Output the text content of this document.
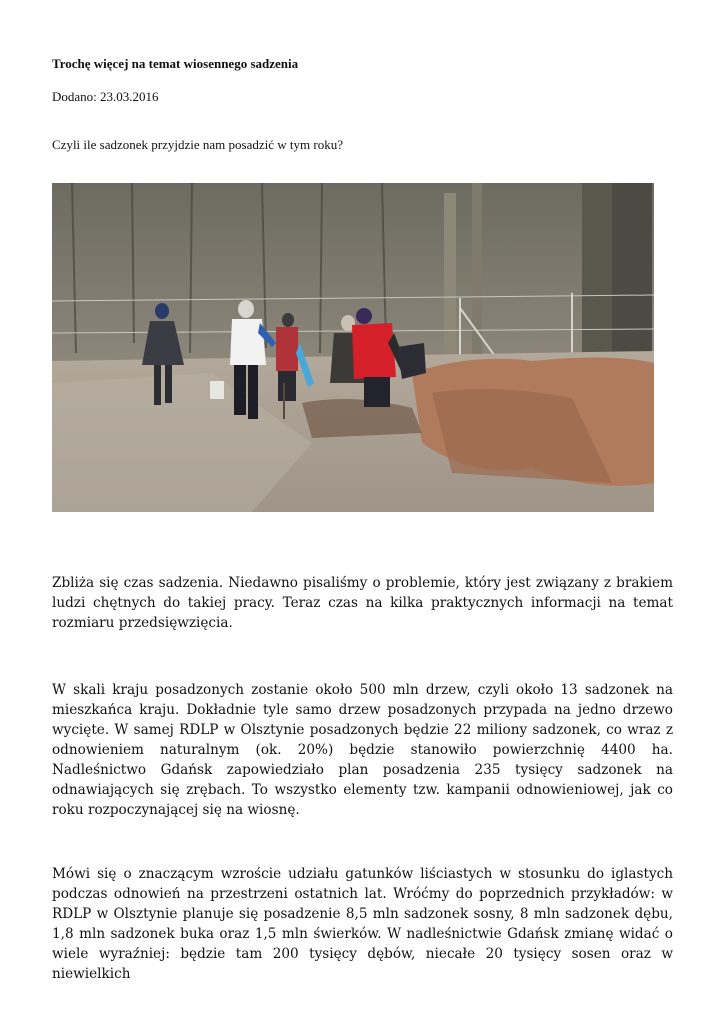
Trochę więcej na temat wiosennego sadzenia
Dodano: 23.03.2016
Czyli ile sadzonek przyjdzie nam posadzić w tym roku?

Zbliża się czas sadzenia. Niedawno pisaliśmy o problemie, który jest związany z brakiem ludzi chętnych do takiej pracy. Teraz czas na kilka praktycznych informacji na temat rozmiaru przedsięwzięcia.

W skali kraju posadzonych zostanie około 500 mln drzew, czyli około 13 sadzonek na mieszkańca kraju. Dokładnie tyle samo drzew posadzonych przypada na jedno drzewo wycięte. W samej RDLP w Olsztynie posadzonych będzie 22 miliony sadzonek, co wraz z odnowieniem naturalnym (ok. 20%) będzie stanowiło powierzchnię 4400 ha. Nadleśnictwo Gdańsk zapowiedziało plan posadzenia 235 tysięcy sadzonek na odnawiających się zrębach. To wszystko elementy tzw. kampanii odnowieniowej, jak co roku rozpoczynającej się na wiosnę.

Mówi się o znaczącym wzroście udziału gatunków liściastych w stosunku do iglastych podczas odnowień na przestrzeni ostatnich lat. Wróćmy do poprzednich przykładów: w RDLP w Olsztynie planuje się posadzenie 8,5 mln sadzonek sosny, 8 mln sadzonek dębu, 1,8 mln sadzonek buka oraz 1,5 mln świerków. W nadleśnictwie Gdańsk zmianę widać o wiele wyraźniej: będzie tam 200 tysięcy dębów, niecałe 20 tysięcy sosen oraz w niewielkich
